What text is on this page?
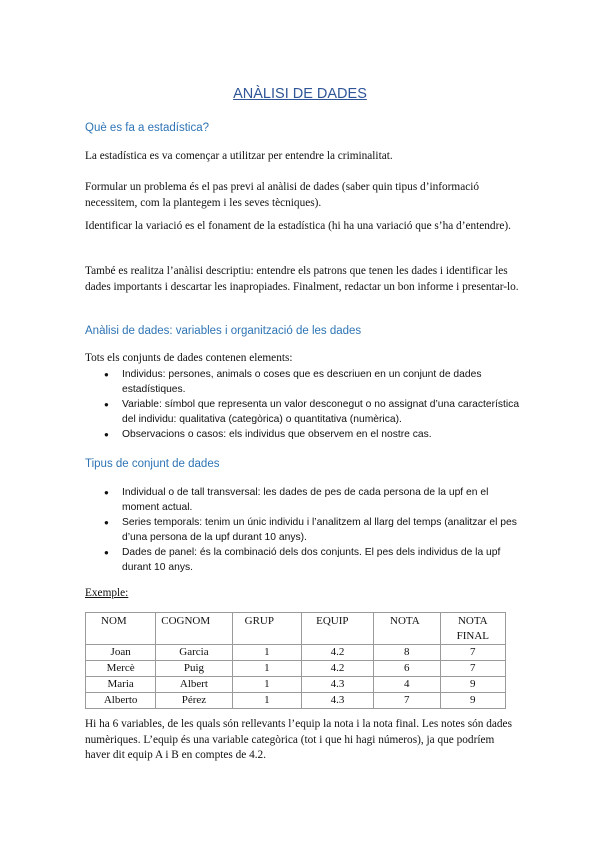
ANÀLISI DE DADES
Què es fa a estadística?

La estadística es va començar a utilitzar per entendre la criminalitat.

Formular un problema és el pas previ al anàlisi de dades (saber quin tipus d’informació necessitem, com la plantegem i les seves tècniques).

Identificar la variació es el fonament de la estadística (hi ha una variació que s’ha d’entendre).

També es realitza l’anàlisi descriptiu: entendre els patrons que tenen les dades i identificar les dades importants i descartar les inapropiades. Finalment, redactar un bon informe i presentar-lo.

Anàlisi de dades: variables i organització de les dades

Tots els conjunts de dades contenen elements:

● Individus: persones, animals o coses que es descriuen en un conjunt de dades estadístiques.
● Variable: símbol que representa un valor desconegut o no assignat d’una característica del individu: qualitativa (categòrica) o quantitativa (numèrica).
● Observacions o casos: els individus que observem en el nostre cas.
Tipus de conjunt de dades
● Individual o de tall transversal: les dades de pes de cada persona de la upf en el moment actual.
● Series temporals: tenim un únic individu i l’analitzem al llarg del temps (analitzar el pes d’una persona de la upf durant 10 anys).
● Dades de panel: és la combinació dels dos conjunts. El pes dels individus de la upf durant 10 anys.
Exemple:
NOM	COGNOM	GRUP	EQUIP	NOTA	NOTA FINAL
Joan	Garcia	1	4.2	8	7
Mercè	Puig	1	4.2	6	7
Maria	Albert	1	4.3	4	9
Alberto	Pérez	1	4.3	7	9

Hi ha 6 variables, de les quals són rellevants l’equip la nota i la nota final. Les notes són dades numèriques. L’equip és una variable categòrica (tot i que hi hagi números), ja que podríem haver dit equip A i B en comptes de 4.2.
